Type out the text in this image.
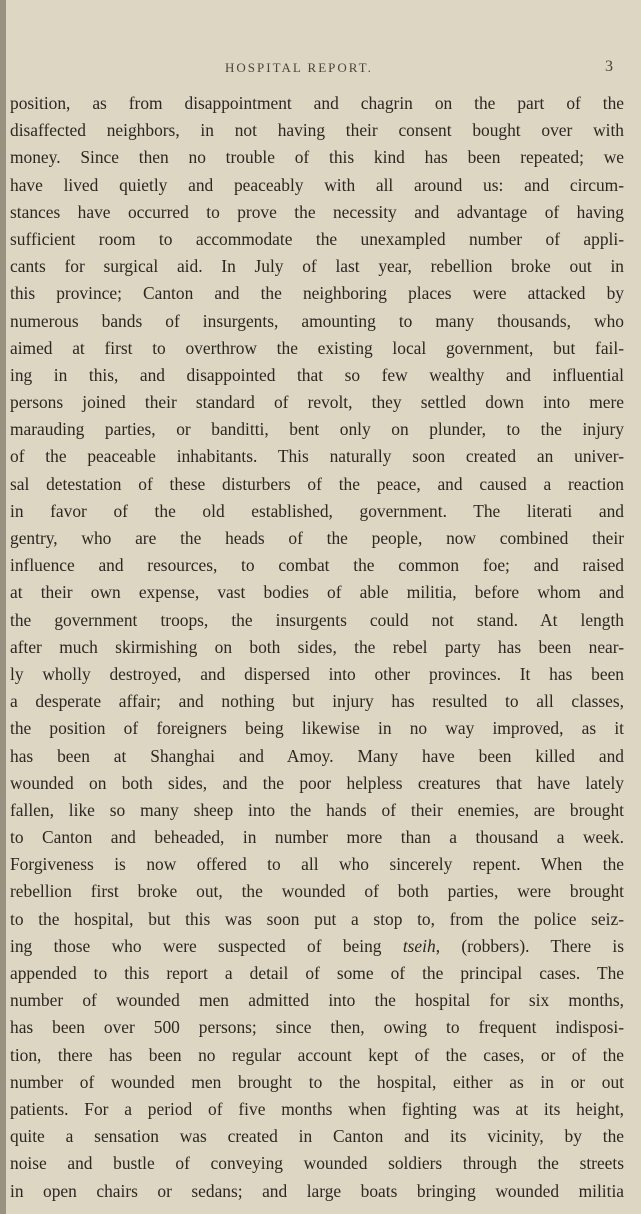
HOSPITAL REPORT.	3
position, as from disappointment and chagrin on the part of the
disaffected neighbors, in not having their consent bought over with
money. Since then no trouble of this kind has been repeated; we
have lived quietly and peaceably with all around us: and circum-
stances have occurred to prove the necessity and advantage of having
sufficient room to accommodate the unexampled number of appli-
cants for surgical aid. In July of last year, rebellion broke out in
this province; Canton and the neighboring places were attacked by
numerous bands of insurgents, amounting to many thousands, who
aimed at first to overthrow the existing local government, but fail-
ing in this, and disappointed that so few wealthy and influential
persons joined their standard of revolt, they settled down into mere
marauding parties, or banditti, bent only on plunder, to the injury
of the peaceable inhabitants. This naturally soon created an univer-
sal detestation of these disturbers of the peace, and caused a reaction
in favor of the old established, government. The literati and
gentry, who are the heads of the people, now combined their
influence and resources, to combat the common foe; and raised
at their own expense, vast bodies of able militia, before whom and
the government troops, the insurgents could not stand. At length
after much skirmishing on both sides, the rebel party has been near-
ly wholly destroyed, and dispersed into other provinces. It has been
a desperate affair; and nothing but injury has resulted to all classes,
the position of foreigners being likewise in no way improved, as it
has been at Shanghai and Amoy. Many have been killed and
wounded on both sides, and the poor helpless creatures that have lately
fallen, like so many sheep into the hands of their enemies, are brought
to Canton and beheaded, in number more than a thousand a week.
Forgiveness is now offered to all who sincerely repent. When the
rebellion first broke out, the wounded of both parties, were brought
to the hospital, but this was soon put a stop to, from the police seiz-
ing those who were suspected of being tseih, (robbers). There is
appended to this report a detail of some of the principal cases. The
number of wounded men admitted into the hospital for six months,
has been over 500 persons; since then, owing to frequent indisposi-
tion, there has been no regular account kept of the cases, or of the
number of wounded men brought to the hospital, either as in or out
patients. For a period of five months when fighting was at its height,
quite a sensation was created in Canton and its vicinity, by the
noise and bustle of conveying wounded soldiers through the streets
in open chairs or sedans; and large boats bringing wounded militia
